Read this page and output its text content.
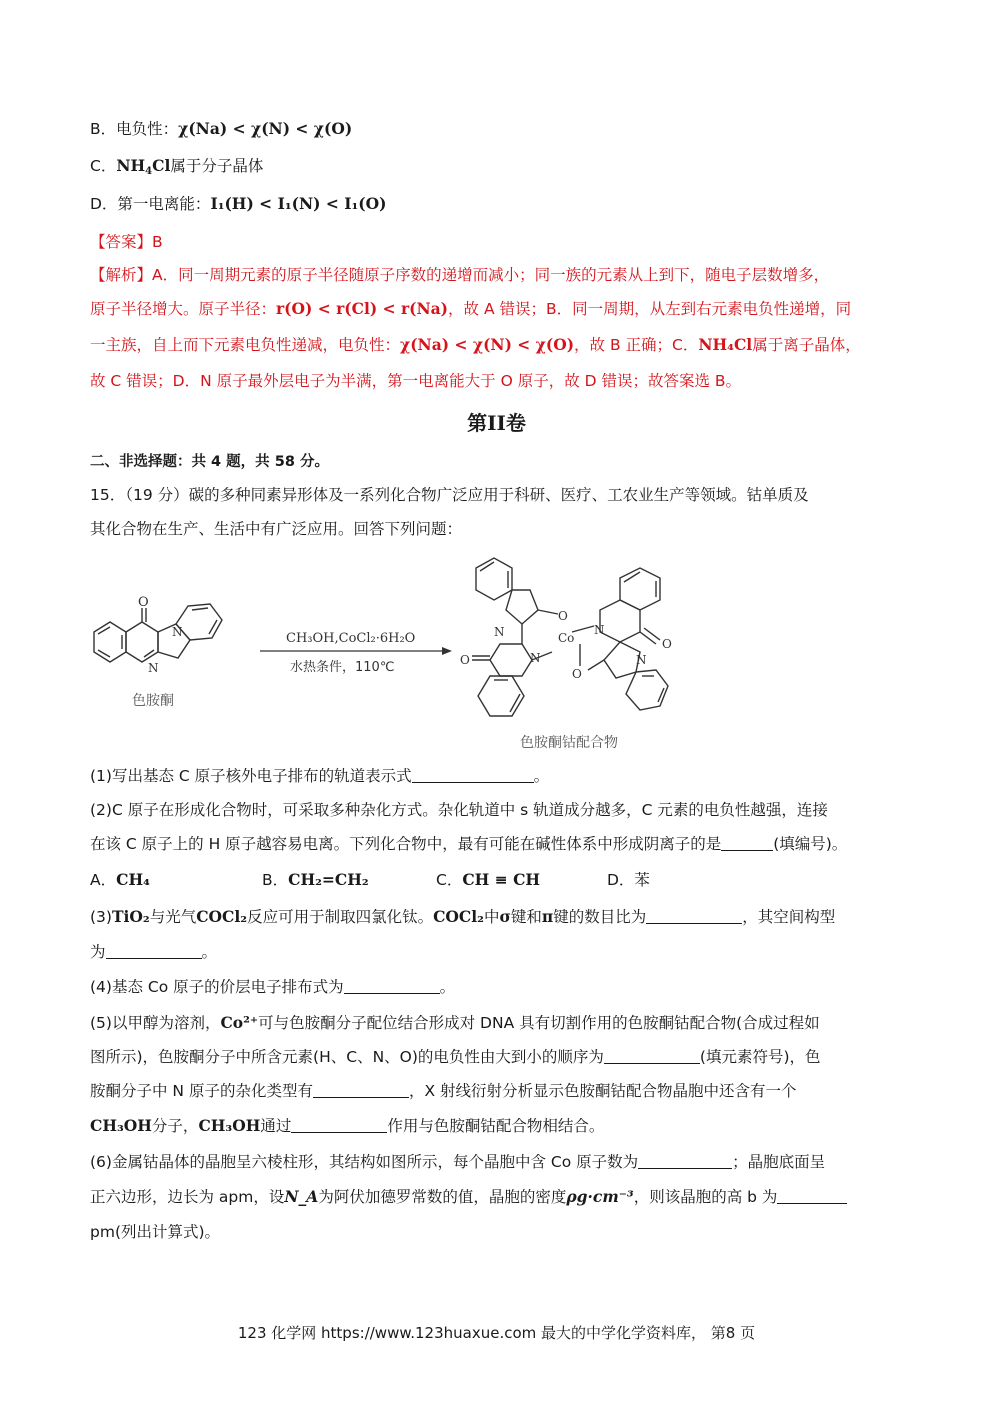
B．电负性：χ(Na) < χ(N) < χ(O)
C．$NH_4Cl$属于分子晶体
D．第一电离能：I₁(H) < I₁(N) < I₁(O)
【答案】B
【解析】A．同一周期元素的原子半径随原子序数的递增而减小；同一族的元素从上到下，随电子层数增多，
原子半径增大。原子半径：r(O) < r(Cl) < r(Na)，故 A 错误；B．同一周期，从左到右元素电负性递增，同
一主族，自上而下元素电负性递减，电负性：χ(Na) < χ(N) < χ(O)，故 B 正确；C．NH₄Cl属于离子晶体，
故 C 错误；D．N 原子最外层电子为半满，第一电离能大于 O 原子，故 D 错误；故答案选 B。
第II卷
二、非选择题：共 4 题，共 58 分。
15．（19 分）碳的多种同素异形体及一系列化合物广泛应用于科研、医疗、工农业生产等领域。钴单质及
其化合物在生产、生活中有广泛应用。回答下列问题：
O
N
N
色胺酮
CH₃OH,CoCl₂·6H₂O
水热条件，110℃
O
N
O	N
Co
N
O
O
N
色胺酮钴配合物
(1)写出基态 C 原子核外电子排布的轨道表示式	。
(2)C 原子在形成化合物时，可采取多种杂化方式。杂化轨道中 s 轨道成分越多，C 元素的电负性越强，连接
在该 C 原子上的 H 原子越容易电离。下列化合物中，最有可能在碱性体系中形成阴离子的是	(填编号)。
A．CH₄	B．CH₂=CH₂	C．CH ≡ CH	D．苯
(3)TiO₂与光气COCl₂反应可用于制取四氯化钛。COCl₂中σ键和π键的数目比为	，其空间构型
为	。
(4)基态 Co 原子的价层电子排布式为	。
(5)以甲醇为溶剂，Co²⁺可与色胺酮分子配位结合形成对 DNA 具有切割作用的色胺酮钴配合物(合成过程如
图所示)，色胺酮分子中所含元素(H、C、N、O)的电负性由大到小的顺序为	(填元素符号)，色
胺酮分子中 N 原子的杂化类型有	，X 射线衍射分析显示色胺酮钴配合物晶胞中还含有一个
CH₃OH分子，CH₃OH通过	作用与色胺酮钴配合物相结合。
(6)金属钴晶体的晶胞呈六棱柱形，其结构如图所示，每个晶胞中含 Co 原子数为	；晶胞底面呈
正六边形，边长为 apm，设N_A为阿伏加德罗常数的值，晶胞的密度ρg·cm⁻³，则该晶胞的高 b 为
pm(列出计算式)。
123 化学网 https://www.123huaxue.com 最大的中学化学资料库， 第8 页
